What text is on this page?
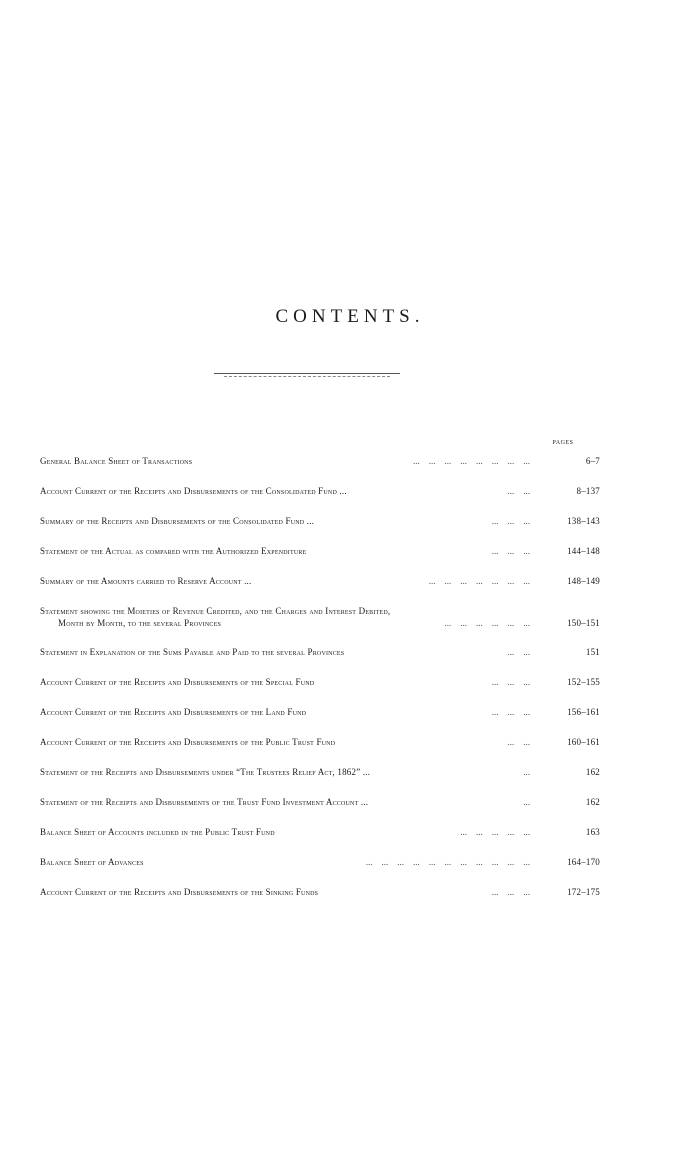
CONTENTS.
PAGES
...    ...    ...    ...    ...    ...    ...    ...
General Balance Sheet of Transactions	6–7
...    ...
Account Current of the Receipts and Disbursements of the Consolidated Fund ...	8–137
...    ...    ...
Summary of the Receipts and Disbursements of the Consolidated Fund ...	138–143
...    ...    ...
Statement of the Actual as compared with the Authorized Expenditure	144–148
...    ...    ...    ...    ...    ...    ...
Summary of the Amounts carried to Reserve Account ...	148–149
...    ...    ...    ...    ...    ...
Statement showing the Moieties of Revenue Credited, and the Charges and Interest Debited,
Month by Month, to the several Provinces	150–151
...    ...
Statement in Explanation of the Sums Payable and Paid to the several Provinces	151
...    ...    ...
Account Current of the Receipts and Disbursements of the Special Fund	152–155
...    ...    ...
Account Current of the Receipts and Disbursements of the Land Fund	156–161
...    ...
Account Current of the Receipts and Disbursements of the Public Trust Fund	160–161
...
Statement of the Receipts and Disbursements under “The Trustees Relief Act, 1862” ...	162
...
Statement of the Receipts and Disbursements of the Trust Fund Investment Account ...	162
...    ...    ...    ...    ...
Balance Sheet of Accounts included in the Public Trust Fund	163
...    ...    ...    ...    ...    ...    ...    ...    ...    ...    ...
Balance Sheet of Advances	164–170
...    ...    ...
Account Current of the Receipts and Disbursements of the Sinking Funds	172–175
